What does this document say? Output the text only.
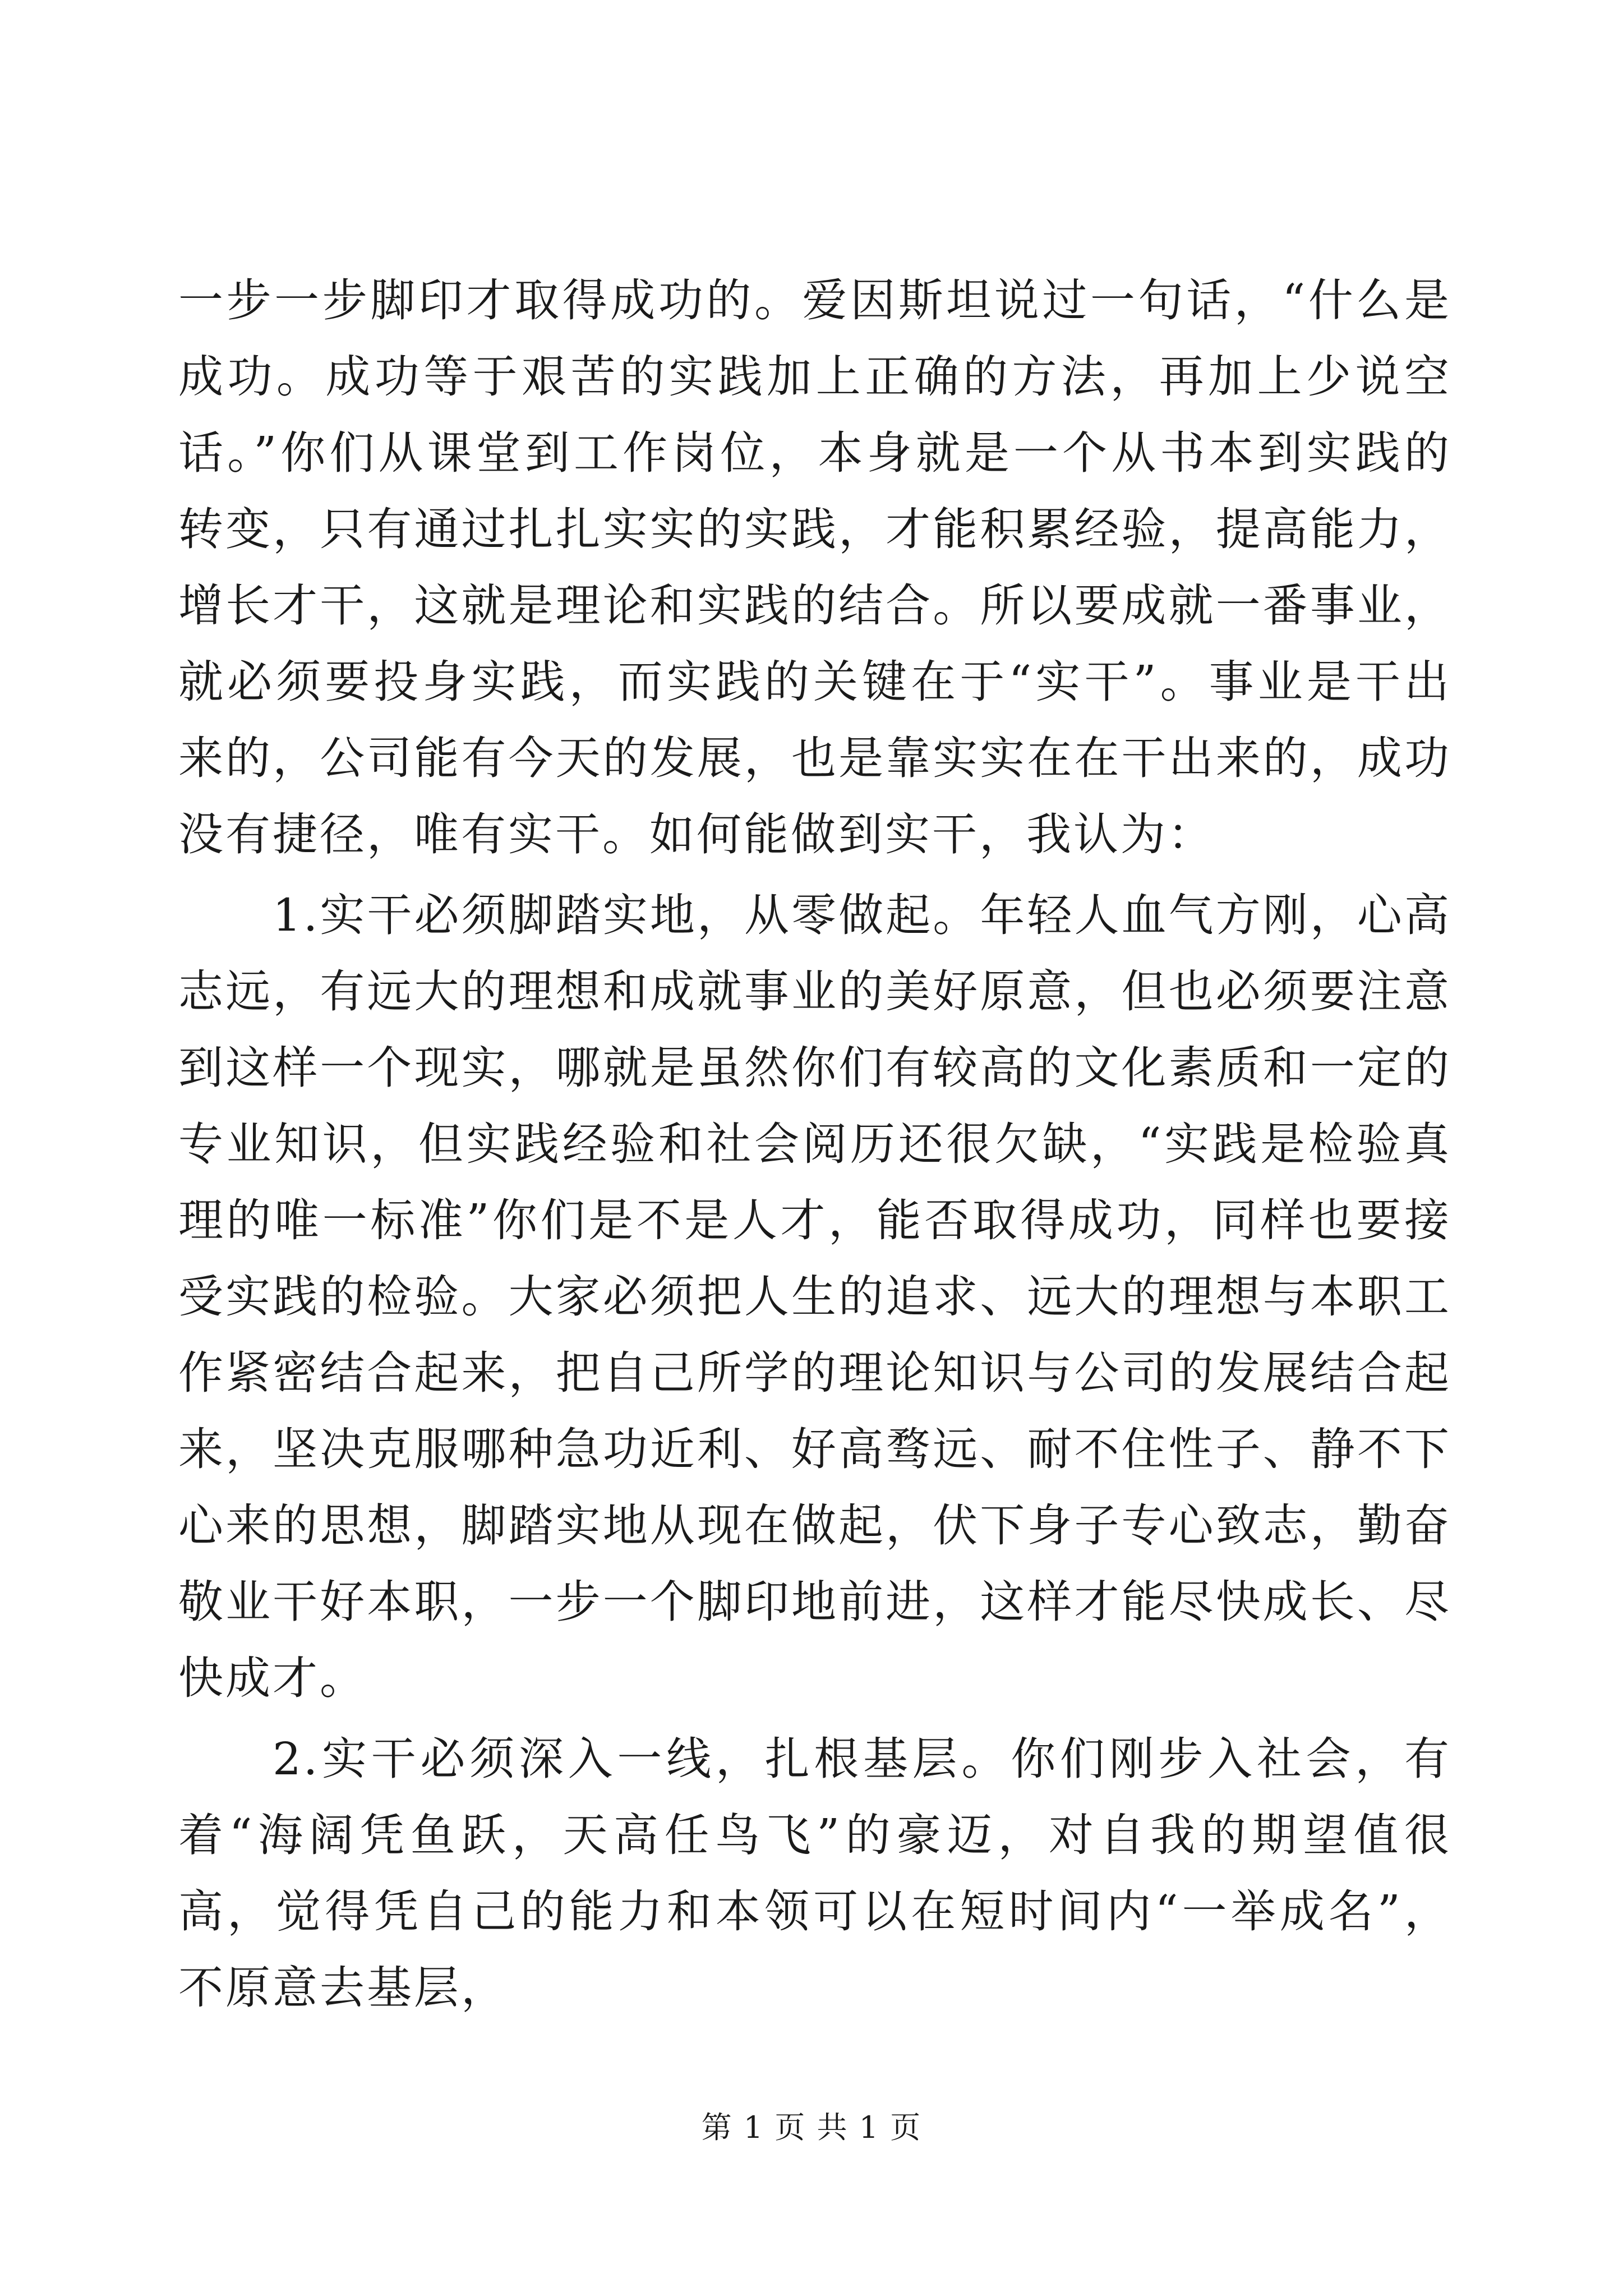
一步一步脚印才取得成功的。爱因斯坦说过一句话，“什么是成功。成功等于艰苦的实践加上正确的方法，再加上少说空话。”你们从课堂到工作岗位，本身就是一个从书本到实践的转变，只有通过扎扎实实的实践，才能积累经验，提高能力，增长才干，这就是理论和实践的结合。所以要成就一番事业，就必须要投身实践，而实践的关键在于“实干”。事业是干出来的，公司能有今天的发展，也是靠实实在在干出来的，成功没有捷径，唯有实干。如何能做到实干，我认为：

1.实干必须脚踏实地，从零做起。年轻人血气方刚，心高志远，有远大的理想和成就事业的美好原意，但也必须要注意到这样一个现实，哪就是虽然你们有较高的文化素质和一定的专业知识，但实践经验和社会阅历还很欠缺，“实践是检验真理的唯一标准”你们是不是人才，能否取得成功，同样也要接受实践的检验。大家必须把人生的追求、远大的理想与本职工作紧密结合起来，把自己所学的理论知识与公司的发展结合起来，坚决克服哪种急功近利、好高骛远、耐不住性子、静不下心来的思想，脚踏实地从现在做起，伏下身子专心致志，勤奋敬业干好本职，一步一个脚印地前进，这样才能尽快成长、尽快成才。

2.实干必须深入一线，扎根基层。你们刚步入社会，有着“海阔凭鱼跃，天高任鸟飞”的豪迈，对自我的期望值很高，觉得凭自己的能力和本领可以在短时间内“一举成名”，不原意去基层，

第 1 页 共 1 页
